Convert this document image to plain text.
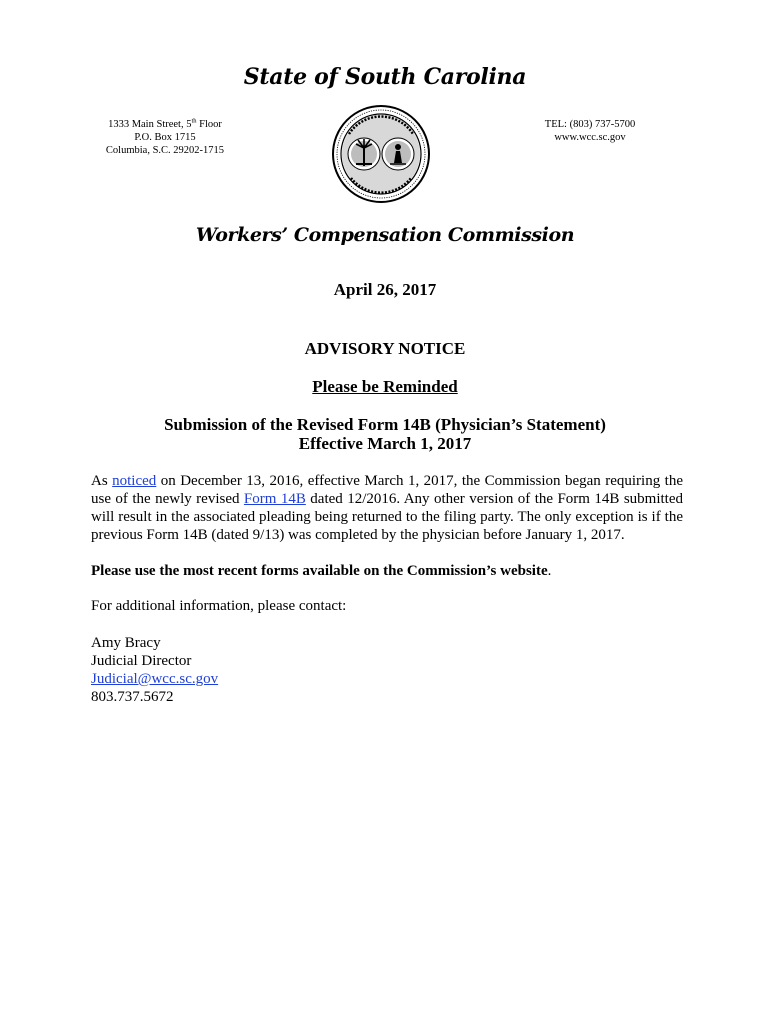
State of South Carolina
1333 Main Street, 5th Floor
P.O. Box 1715
Columbia, S.C. 29202-1715
TEL: (803) 737-5700
www.wcc.sc.gov
Workers’ Compensation Commission
April 26, 2017
ADVISORY NOTICE
Please be Reminded
Submission of the Revised Form 14B (Physician’s Statement)
Effective March 1, 2017
As noticed on December 13, 2016, effective March 1, 2017, the Commission began requiring the use of the newly revised Form 14B dated 12/2016. Any other version of the Form 14B submitted will result in the associated pleading being returned to the filing party. The only exception is if the previous Form 14B (dated 9/13) was completed by the physician before January 1, 2017.
Please use the most recent forms available on the Commission’s website.
For additional information, please contact:
Amy Bracy
Judicial Director
Judicial@wcc.sc.gov
803.737.5672
